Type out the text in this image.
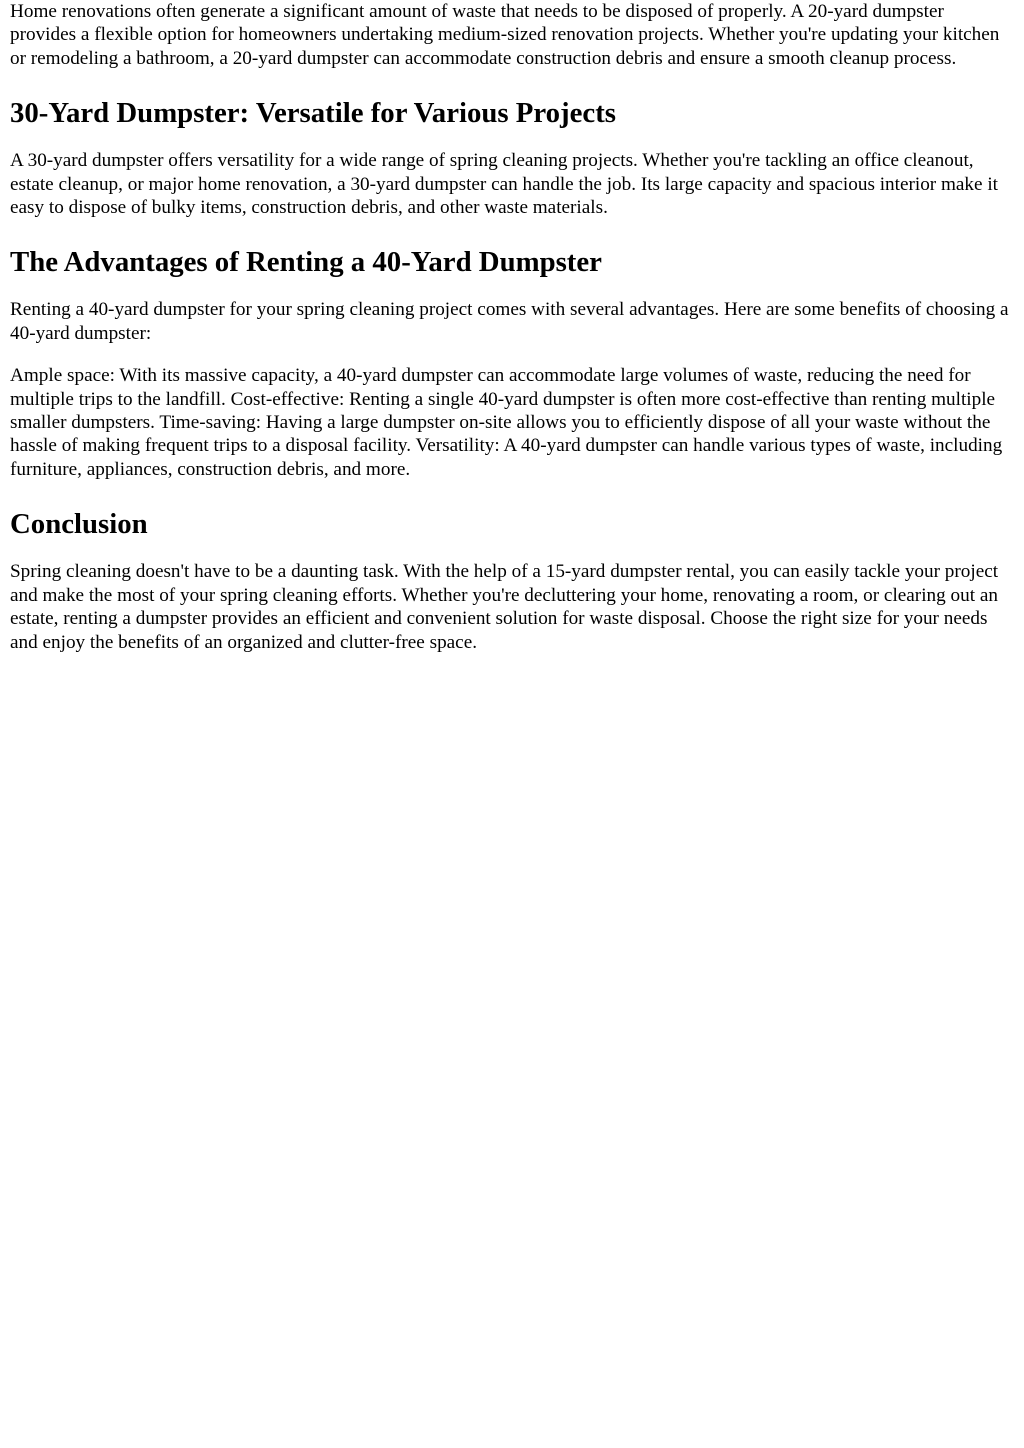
Home renovations often generate a significant amount of waste that needs to be disposed of properly. A 20-yard dumpster provides a flexible option for homeowners undertaking medium-sized renovation projects. Whether you're updating your kitchen or remodeling a bathroom, a 20-yard dumpster can accommodate construction debris and ensure a smooth cleanup process.

30-Yard Dumpster: Versatile for Various Projects

A 30-yard dumpster offers versatility for a wide range of spring cleaning projects. Whether you're tackling an office cleanout, estate cleanup, or major home renovation, a 30-yard dumpster can handle the job. Its large capacity and spacious interior make it easy to dispose of bulky items, construction debris, and other waste materials.

The Advantages of Renting a 40-Yard Dumpster

Renting a 40-yard dumpster for your spring cleaning project comes with several advantages. Here are some benefits of choosing a 40-yard dumpster:

Ample space: With its massive capacity, a 40-yard dumpster can accommodate large volumes of waste, reducing the need for multiple trips to the landfill. Cost-effective: Renting a single 40-yard dumpster is often more cost-effective than renting multiple smaller dumpsters. Time-saving: Having a large dumpster on-site allows you to efficiently dispose of all your waste without the hassle of making frequent trips to a disposal facility. Versatility: A 40-yard dumpster can handle various types of waste, including furniture, appliances, construction debris, and more.

Conclusion

Spring cleaning doesn't have to be a daunting task. With the help of a 15-yard dumpster rental, you can easily tackle your project and make the most of your spring cleaning efforts. Whether you're decluttering your home, renovating a room, or clearing out an estate, renting a dumpster provides an efficient and convenient solution for waste disposal. Choose the right size for your needs and enjoy the benefits of an organized and clutter-free space.
